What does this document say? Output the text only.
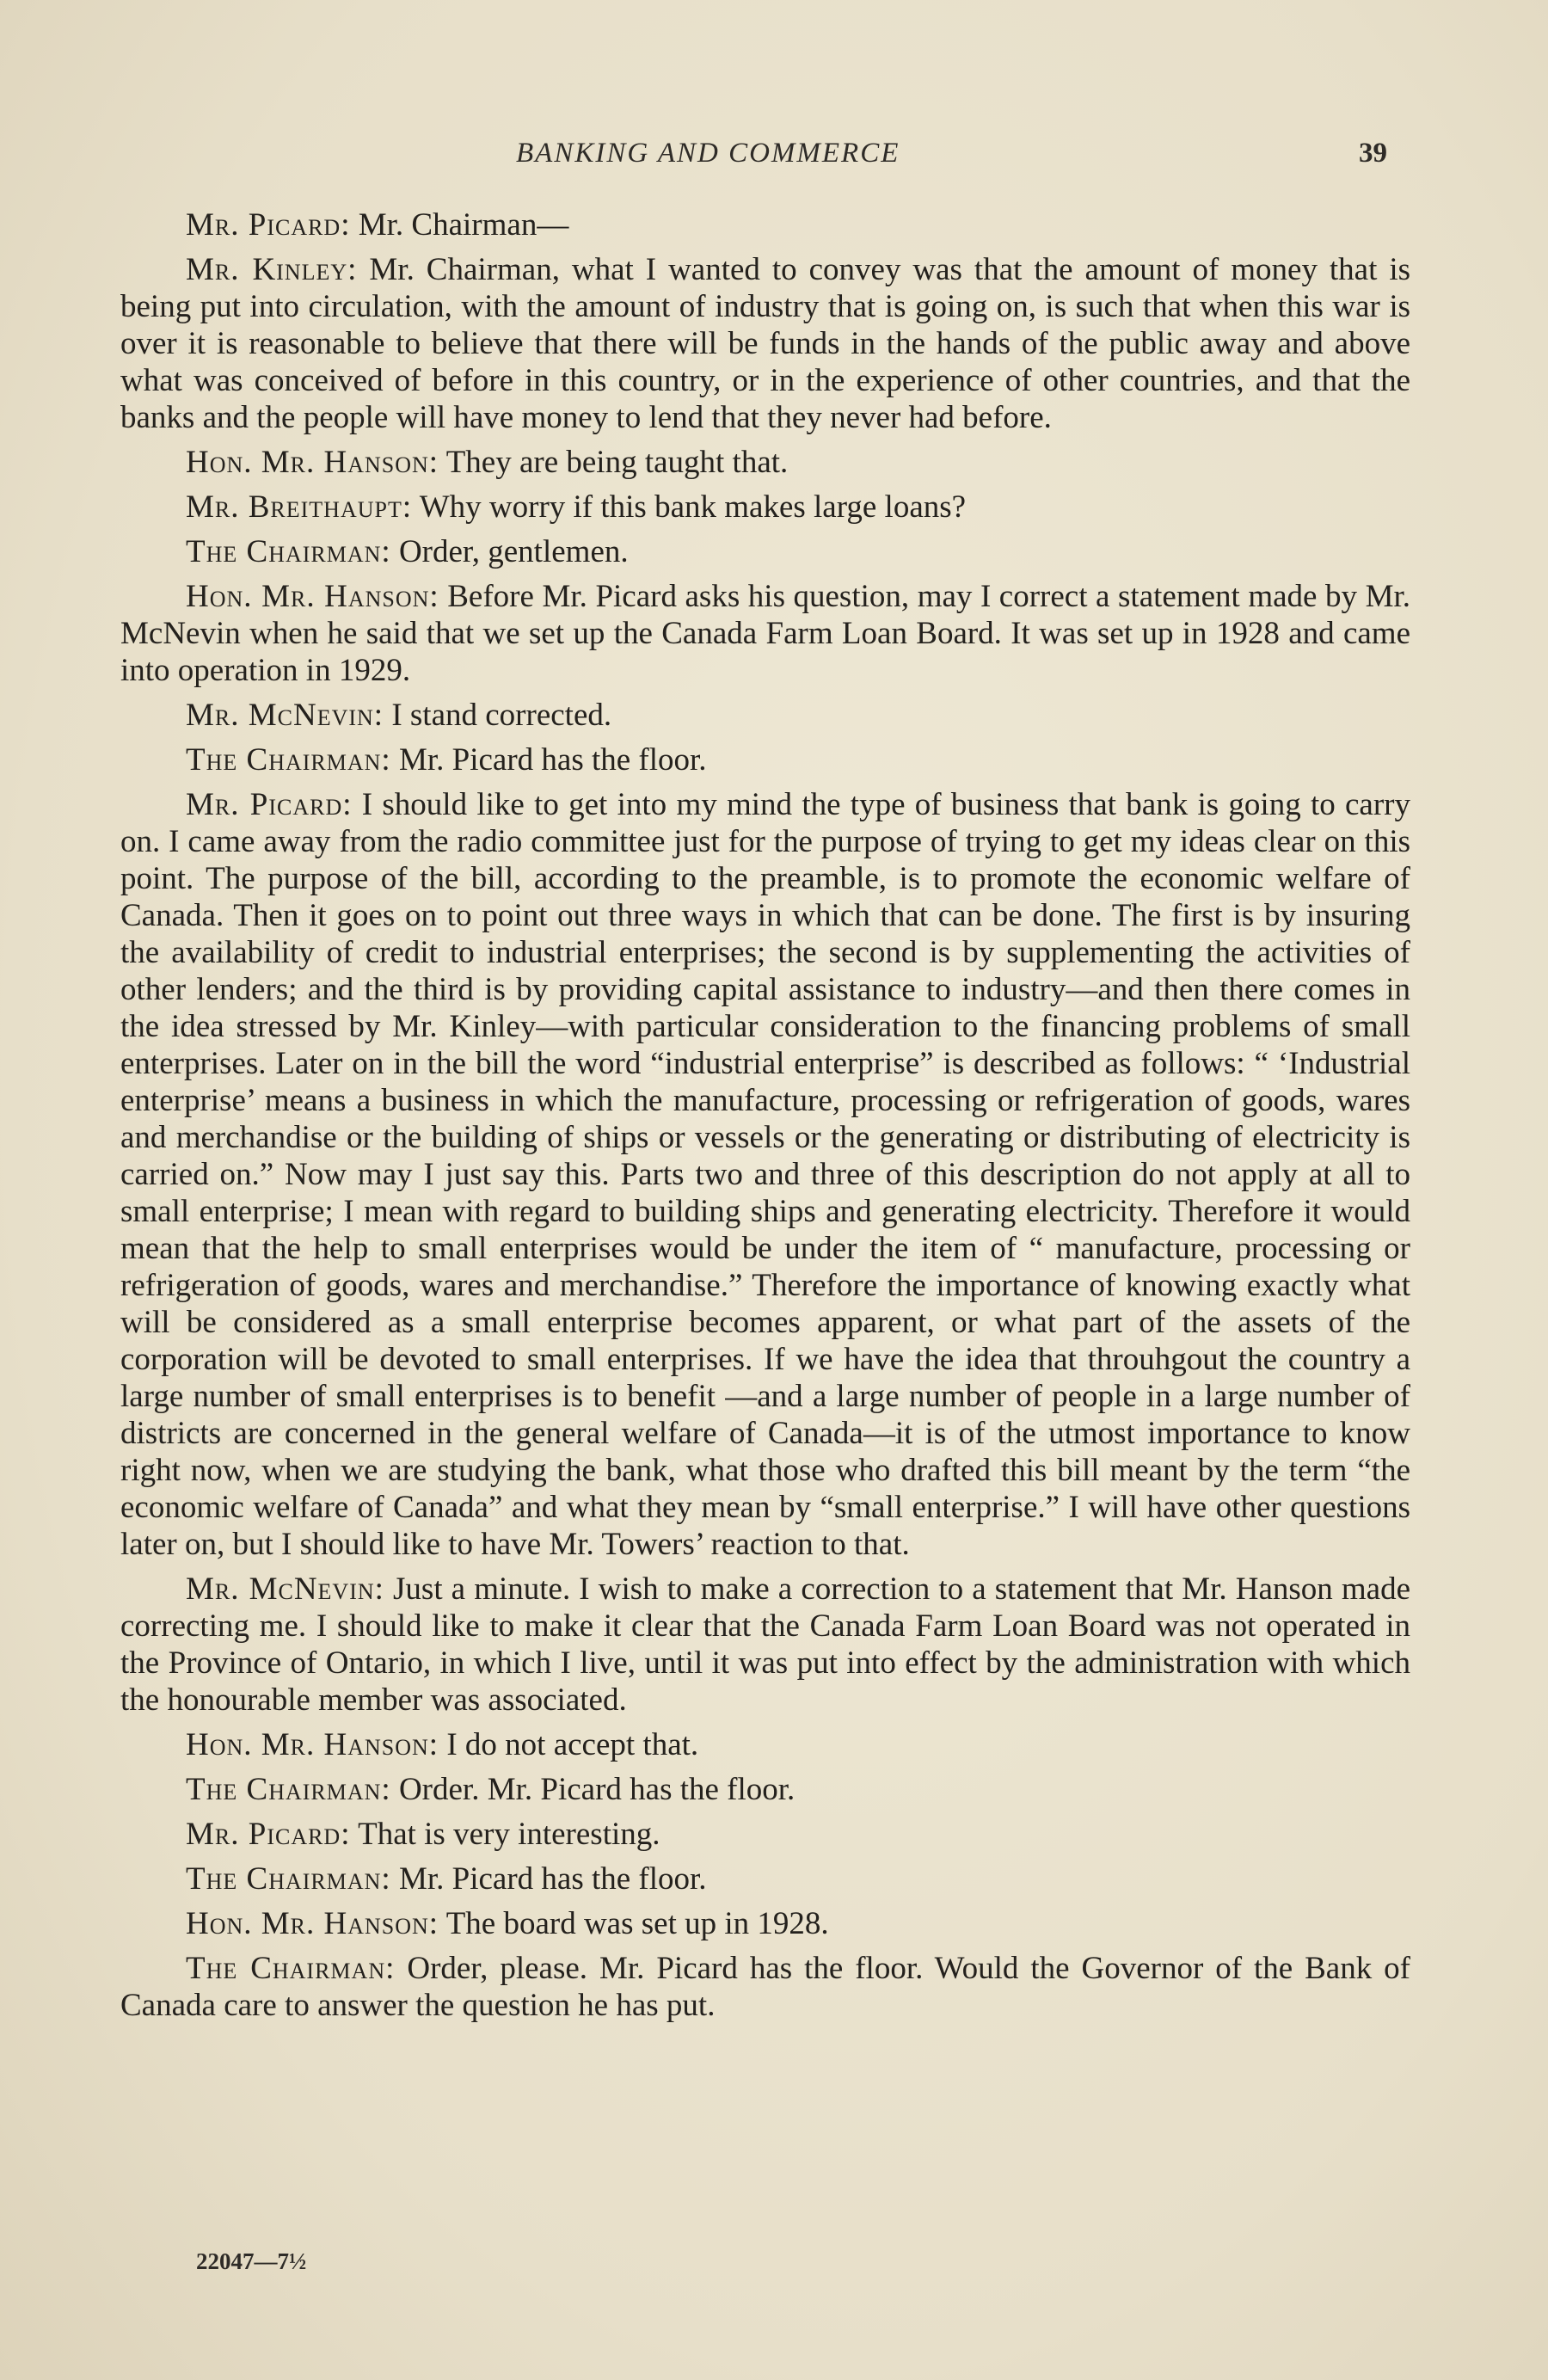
BANKING AND COMMERCE	39

Mr. Picard: Mr. Chairman—

Mr. Kinley: Mr. Chairman, what I wanted to convey was that the amount of money that is being put into circulation, with the amount of industry that is going on, is such that when this war is over it is reasonable to believe that there will be funds in the hands of the public away and above what was conceived of before in this country, or in the experience of other countries, and that the banks and the people will have money to lend that they never had before.

Hon. Mr. Hanson: They are being taught that.

Mr. Breithaupt: Why worry if this bank makes large loans?

The Chairman: Order, gentlemen.

Hon. Mr. Hanson: Before Mr. Picard asks his question, may I correct a statement made by Mr. McNevin when he said that we set up the Canada Farm Loan Board. It was set up in 1928 and came into operation in 1929.

Mr. McNevin: I stand corrected.

The Chairman: Mr. Picard has the floor.

Mr. Picard: I should like to get into my mind the type of business that bank is going to carry on. I came away from the radio committee just for the purpose of trying to get my ideas clear on this point. The purpose of the bill, according to the preamble, is to promote the economic welfare of Canada. Then it goes on to point out three ways in which that can be done. The first is by insuring the availability of credit to industrial enterprises; the second is by supplementing the activities of other lenders; and the third is by providing capital assistance to industry—and then there comes in the idea stressed by Mr. Kinley—with particular consideration to the financing problems of small enterprises. Later on in the bill the word “industrial enterprise” is described as follows: “ ‘Industrial enterprise’ means a business in which the manufacture, processing or refrigeration of goods, wares and merchandise or the building of ships or vessels or the generating or distributing of electricity is carried on.” Now may I just say this. Parts two and three of this description do not apply at all to small enterprise; I mean with regard to building ships and generating electricity. Therefore it would mean that the help to small enterprises would be under the item of “ manufacture, processing or refrigeration of goods, wares and merchandise.” Therefore the importance of knowing exactly what will be considered as a small enterprise becomes apparent, or what part of the assets of the corporation will be devoted to small enterprises. If we have the idea that throuhgout the country a large number of small enterprises is to benefit —and a large number of people in a large number of districts are concerned in the general welfare of Canada—it is of the utmost importance to know right now, when we are studying the bank, what those who drafted this bill meant by the term “the economic welfare of Canada” and what they mean by “small enterprise.” I will have other questions later on, but I should like to have Mr. Towers’ reaction to that.

Mr. McNevin: Just a minute. I wish to make a correction to a statement that Mr. Hanson made correcting me. I should like to make it clear that the Canada Farm Loan Board was not operated in the Province of Ontario, in which I live, until it was put into effect by the administration with which the honourable member was associated.

Hon. Mr. Hanson: I do not accept that.

The Chairman: Order. Mr. Picard has the floor.

Mr. Picard: That is very interesting.

The Chairman: Mr. Picard has the floor.

Hon. Mr. Hanson: The board was set up in 1928.

The Chairman: Order, please. Mr. Picard has the floor. Would the Governor of the Bank of Canada care to answer the question he has put.

22047—7½
